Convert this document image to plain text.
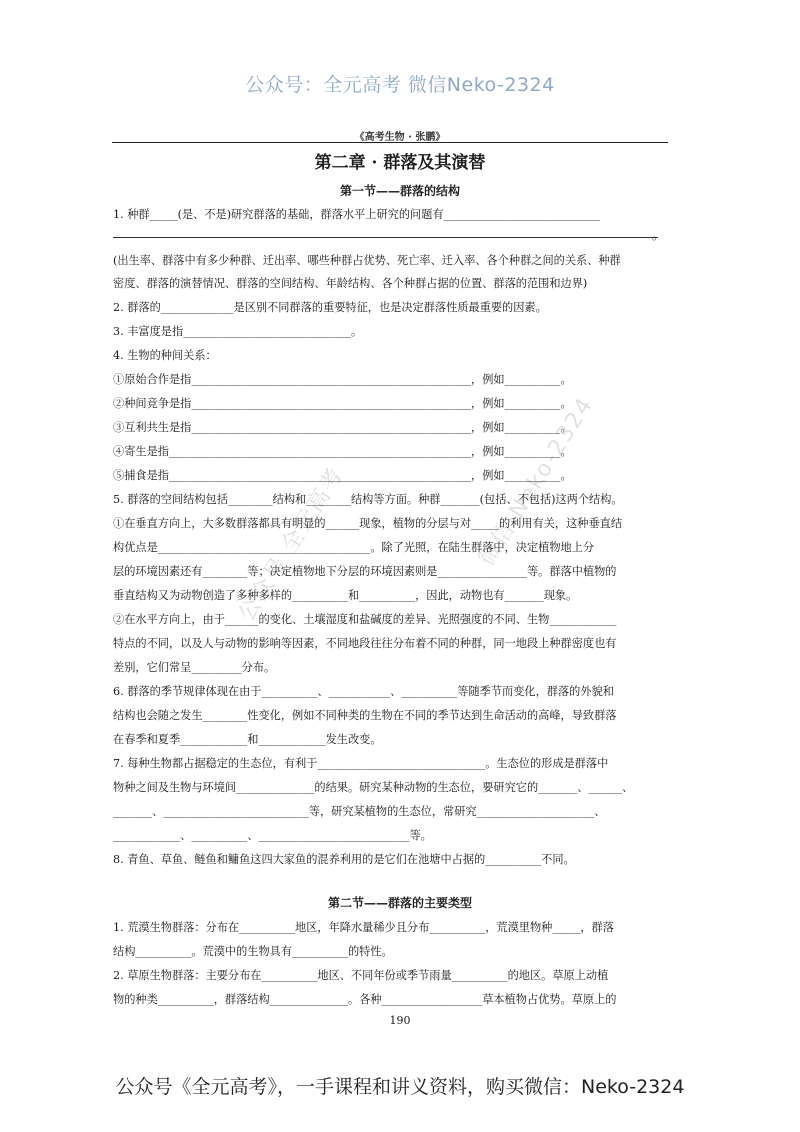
公众号：全元高考 微信Neko-2324
《高考生物 · 张鹏》
第二章 · 群落及其演替
第一节——群落的结构
公众号 全元高考	微信 Neko-2324
1. 种群_____(是、不是)研究群落的基础，群落水平上研究的问题有____________________________
。
(出生率、群落中有多少种群、迁出率、哪些种群占优势、死亡率、迁入率、各个种群之间的关系、种群
密度、群落的演替情况、群落的空间结构、年龄结构、各个种群占据的位置、群落的范围和边界)
2. 群落的_____________是区别不同群落的重要特征，也是决定群落性质最重要的因素。
3. 丰富度是指______________________________。
4. 生物的种间关系：
①原始合作是指__________________________________________________，例如__________。
②种间竞争是指__________________________________________________，例如__________。
③互利共生是指__________________________________________________，例如__________。
④寄生是指______________________________________________________，例如__________。
⑤捕食是指______________________________________________________，例如__________。
5. 群落的空间结构包括________结构和________结构等方面。种群_______(包括、不包括)这两个结构。
①在垂直方向上，大多数群落都具有明显的______现象，植物的分层与对_____的利用有关，这种垂直结
构优点是______________________________________。除了光照，在陆生群落中，决定植物地上分
层的环境因素还有________等；决定植物地下分层的环境因素则是________________等。群落中植物的
垂直结构又为动物创造了多种多样的__________和__________，因此，动物也有_______现象。
②在水平方向上，由于______的变化、土壤湿度和盐碱度的差异、光照强度的不同、生物____________
特点的不同，以及人与动物的影响等因素，不同地段往往分布着不同的种群，同一地段上种群密度也有
差别，它们常呈_________分布。
6. 群落的季节规律体现在由于__________、___________、__________等随季节而变化，群落的外貌和
结构也会随之发生________性变化，例如不同种类的生物在不同的季节达到生命活动的高峰，导致群落
在春季和夏季____________和____________发生改变。
7. 每种生物都占据稳定的生态位，有利于______________________________。生态位的形成是群落中
物种之间及生物与环境间______________的结果。研究某种动物的生态位，要研究它的_______、______、
_______、__________________________等，研究某植物的生态位，常研究_____________________、
____________、__________、___________________________等。
8. 青鱼、草鱼、鲢鱼和鳙鱼这四大家鱼的混养利用的是它们在池塘中占据的__________不同。
第二节——群落的主要类型
1. 荒漠生物群落：分布在__________地区，年降水量稀少且分布__________，荒漠里物种_____，群落
结构__________。荒漠中的生物具有__________的特性。
2. 草原生物群落：主要分布在__________地区、不同年份或季节雨量__________的地区。草原上动植
物的种类__________，群落结构______________。各种__________________草本植物占优势。草原上的
190
公众号《全元高考》，一手课程和讲义资料，购买微信：Neko-2324
